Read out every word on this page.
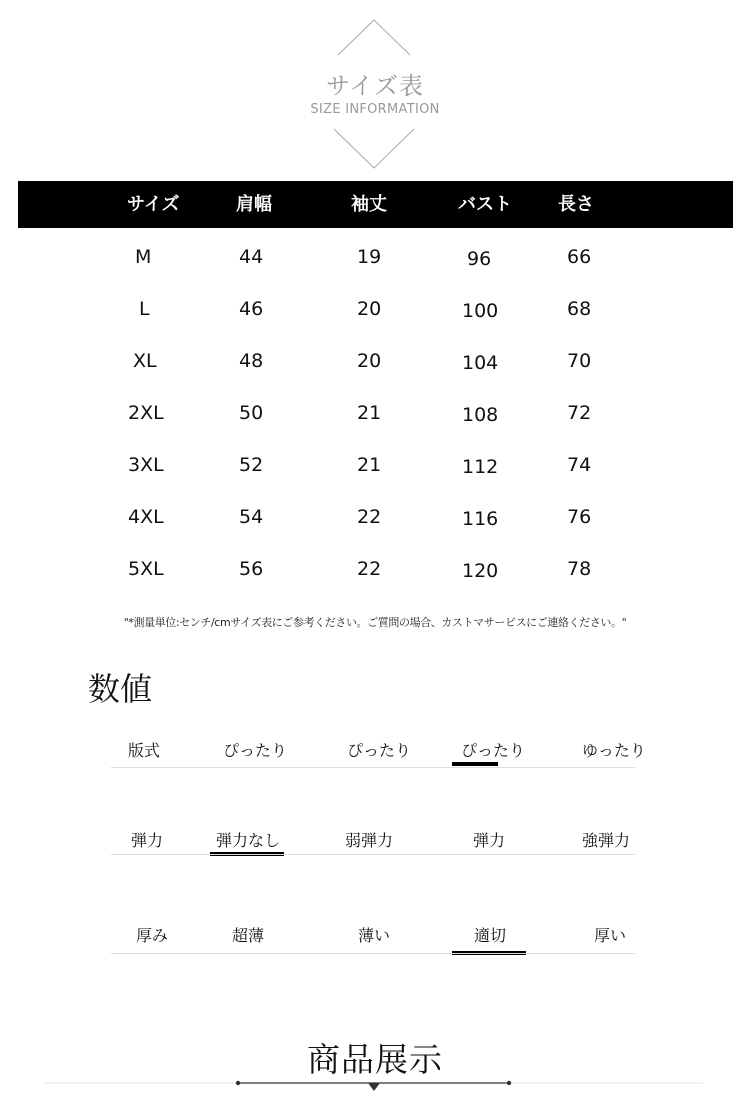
サイズ表
SIZE INFORMATION
サイズ	肩幅	袖丈	バスト	長さ
M	44	19	96	66
L	46	20	100	68
XL	48	20	104	70
2XL	50	21	108	72
3XL	52	21	112	74
4XL	54	22	116	76
5XL	56	22	120	78
"*測量単位:センチ/cmサイズ表にご参考ください。ご質問の場合、カストマサービスにご連絡ください。"
数値
版式	ぴったり	ぴったり	ぴったり	ゆったり
弾力	弾力なし	弱弾力	弾力	強弾力
厚み	超薄	薄い	適切	厚い
商品展示
